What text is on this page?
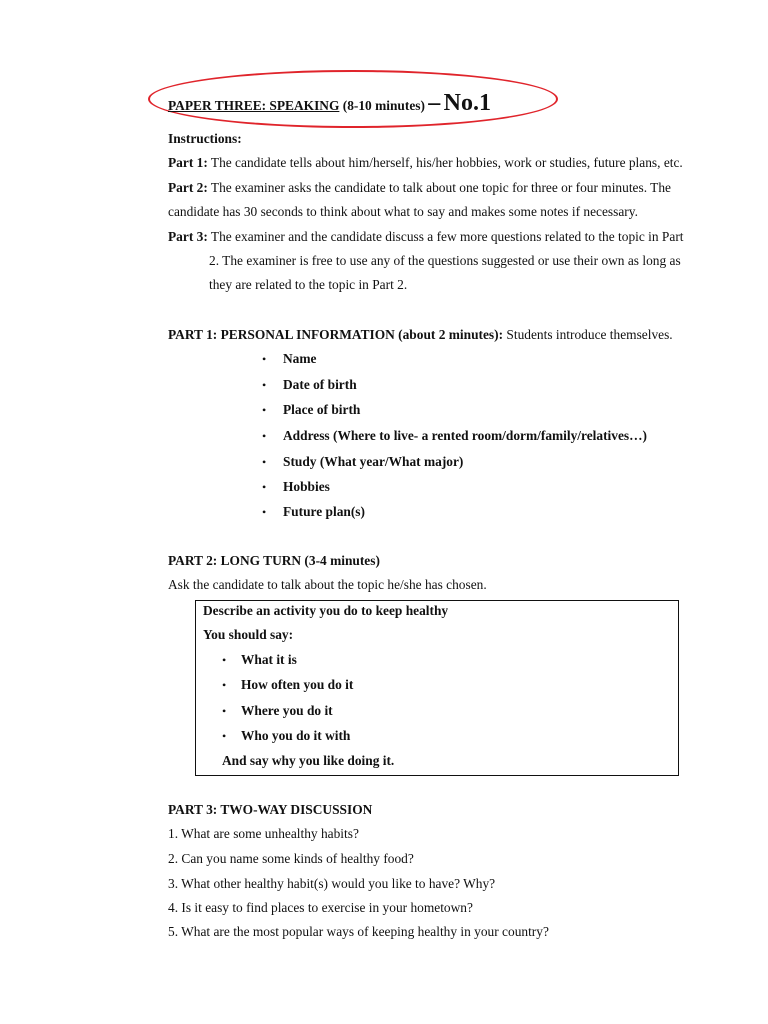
PAPER THREE: SPEAKING (8-10 minutes) – No.1
Instructions:
Part 1: The candidate tells about him/herself, his/her hobbies, work or studies, future plans, etc.
Part 2: The examiner asks the candidate to talk about one topic for three or four minutes. The
candidate has 30 seconds to think about what to say and makes some notes if necessary.
Part 3: The examiner and the candidate discuss a few more questions related to the topic in Part
2. The examiner is free to use any of the questions suggested or use their own as long as
they are related to the topic in Part 2.
PART 1: PERSONAL INFORMATION (about 2 minutes): Students introduce themselves.
• Name
• Date of birth
• Place of birth
• Address (Where to live- a rented room/dorm/family/relatives…)
• Study (What year/What major)
• Hobbies
• Future plan(s)
PART 2: LONG TURN (3-4 minutes)
Ask the candidate to talk about the topic he/she has chosen.
Describe an activity you do to keep healthy
You should say:
• What it is
• How often you do it
• Where you do it
• Who you do it with
And say why you like doing it.
PART 3: TWO-WAY DISCUSSION
1. What are some unhealthy habits?
2. Can you name some kinds of healthy food?
3. What other healthy habit(s) would you like to have? Why?
4. Is it easy to find places to exercise in your hometown?
5. What are the most popular ways of keeping healthy in your country?
